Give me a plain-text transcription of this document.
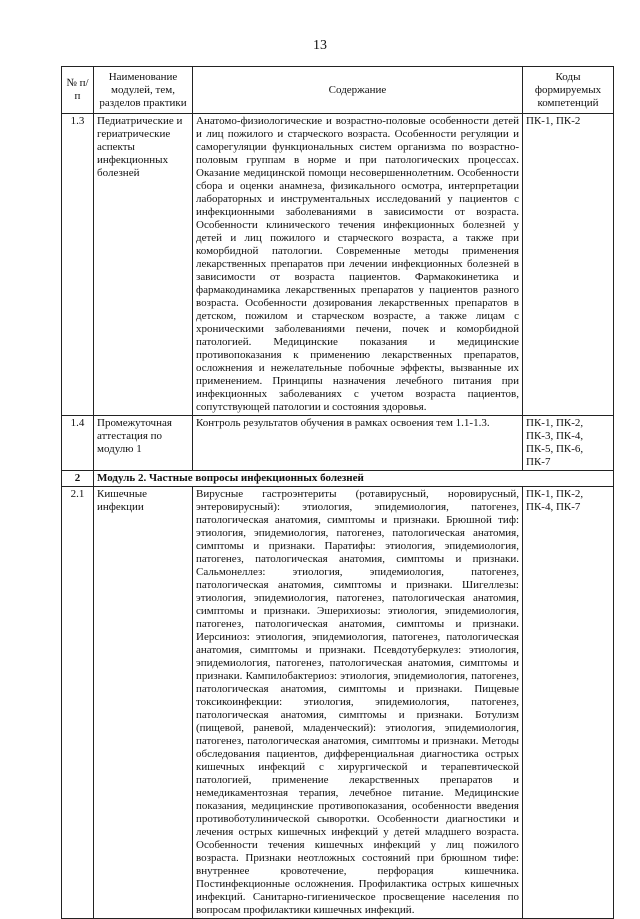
13
№ п/п	Наименование модулей, тем, разделов практики	Содержание	Коды формируемых компетенций
1.3	Педиатрические и гериатрические аспекты инфекционных болезней	Анатомо-физиологические и возрастно-половые особенности детей и лиц пожилого и старческого возраста. Особенности регуляции и саморегуляции функциональных систем организма по возрастно-половым группам в норме и при патологических процессах. Оказание медицинской помощи несовершеннолетним. Особенности сбора и оценки анамнеза, физикального осмотра, интерпретации лабораторных и инструментальных исследований у пациентов с инфекционными заболеваниями в зависимости от возраста. Особенности клинического течения инфекционных болезней у детей и лиц пожилого и старческого возраста, а также при коморбидной патологии. Современные методы применения лекарственных препаратов при лечении инфекционных болезней в зависимости от возраста пациентов. Фармакокинетика и фармакодинамика лекарственных препаратов у пациентов разного возраста. Особенности дозирования лекарственных препаратов в детском, пожилом и старческом возрасте, а также лицам с хроническими заболеваниями печени, почек и коморбидной патологией. Медицинские показания и медицинские противопоказания к применению лекарственных препаратов, осложнения и нежелательные побочные эффекты, вызванные их применением. Принципы назначения лечебного питания при инфекционных заболеваниях с учетом возраста пациентов, сопутствующей патологии и состояния здоровья.	ПК-1, ПК-2
1.4	Промежуточная аттестация по модулю 1	Контроль результатов обучения в рамках освоения тем 1.1-1.3.	ПК-1, ПК-2, ПК-3, ПК-4, ПК-5, ПК-6, ПК-7
2	Модуль 2. Частные вопросы инфекционных болезней		
2.1	Кишечные инфекции	Вирусные гастроэнтериты (ротавирусный, норовирусный, энтеровирусный): этиология, эпидемиология, патогенез, патологическая анатомия, симптомы и признаки. Брюшной тиф: этиология, эпидемиология, патогенез, патологическая анатомия, симптомы и признаки. Паратифы: этиология, эпидемиология, патогенез, патологическая анатомия, симптомы и признаки. Сальмонеллез: этиология, эпидемиология, патогенез, патологическая анатомия, симптомы и признаки. Шигеллезы: этиология, эпидемиология, патогенез, патологическая анатомия, симптомы и признаки. Эшерихиозы: этиология, эпидемиология, патогенез, патологическая анатомия, симптомы и признаки. Иерсиниоз: этиология, эпидемиология, патогенез, патологическая анатомия, симптомы и признаки. Псевдотуберкулез: этиология, эпидемиология, патогенез, патологическая анатомия, симптомы и признаки. Кампилобактериоз: этиология, эпидемиология, патогенез, патологическая анатомия, симптомы и признаки. Пищевые токсикоинфекции: этиология, эпидемиология, патогенез, патологическая анатомия, симптомы и признаки. Ботулизм (пищевой, раневой, младенческий): этиология, эпидемиология, патогенез, патологическая анатомия, симптомы и признаки. Методы обследования пациентов, дифференциальная диагностика острых кишечных инфекций с хирургической и терапевтической патологией, применение лекарственных препаратов и немедикаментозная терапия, лечебное питание. Медицинские показания, медицинские противопоказания, особенности введения противоботулинической сыворотки. Особенности диагностики и лечения острых кишечных инфекций у детей младшего возраста. Особенности течения кишечных инфекций у лиц пожилого возраста. Признаки неотложных состояний при брюшном тифе: внутреннее кровотечение, перфорация кишечника. Постинфекционные осложнения. Профилактика острых кишечных инфекций. Санитарно-гигиеническое просвещение населения по вопросам профилактики кишечных инфекций.	ПК-1, ПК-2, ПК-4, ПК-7
